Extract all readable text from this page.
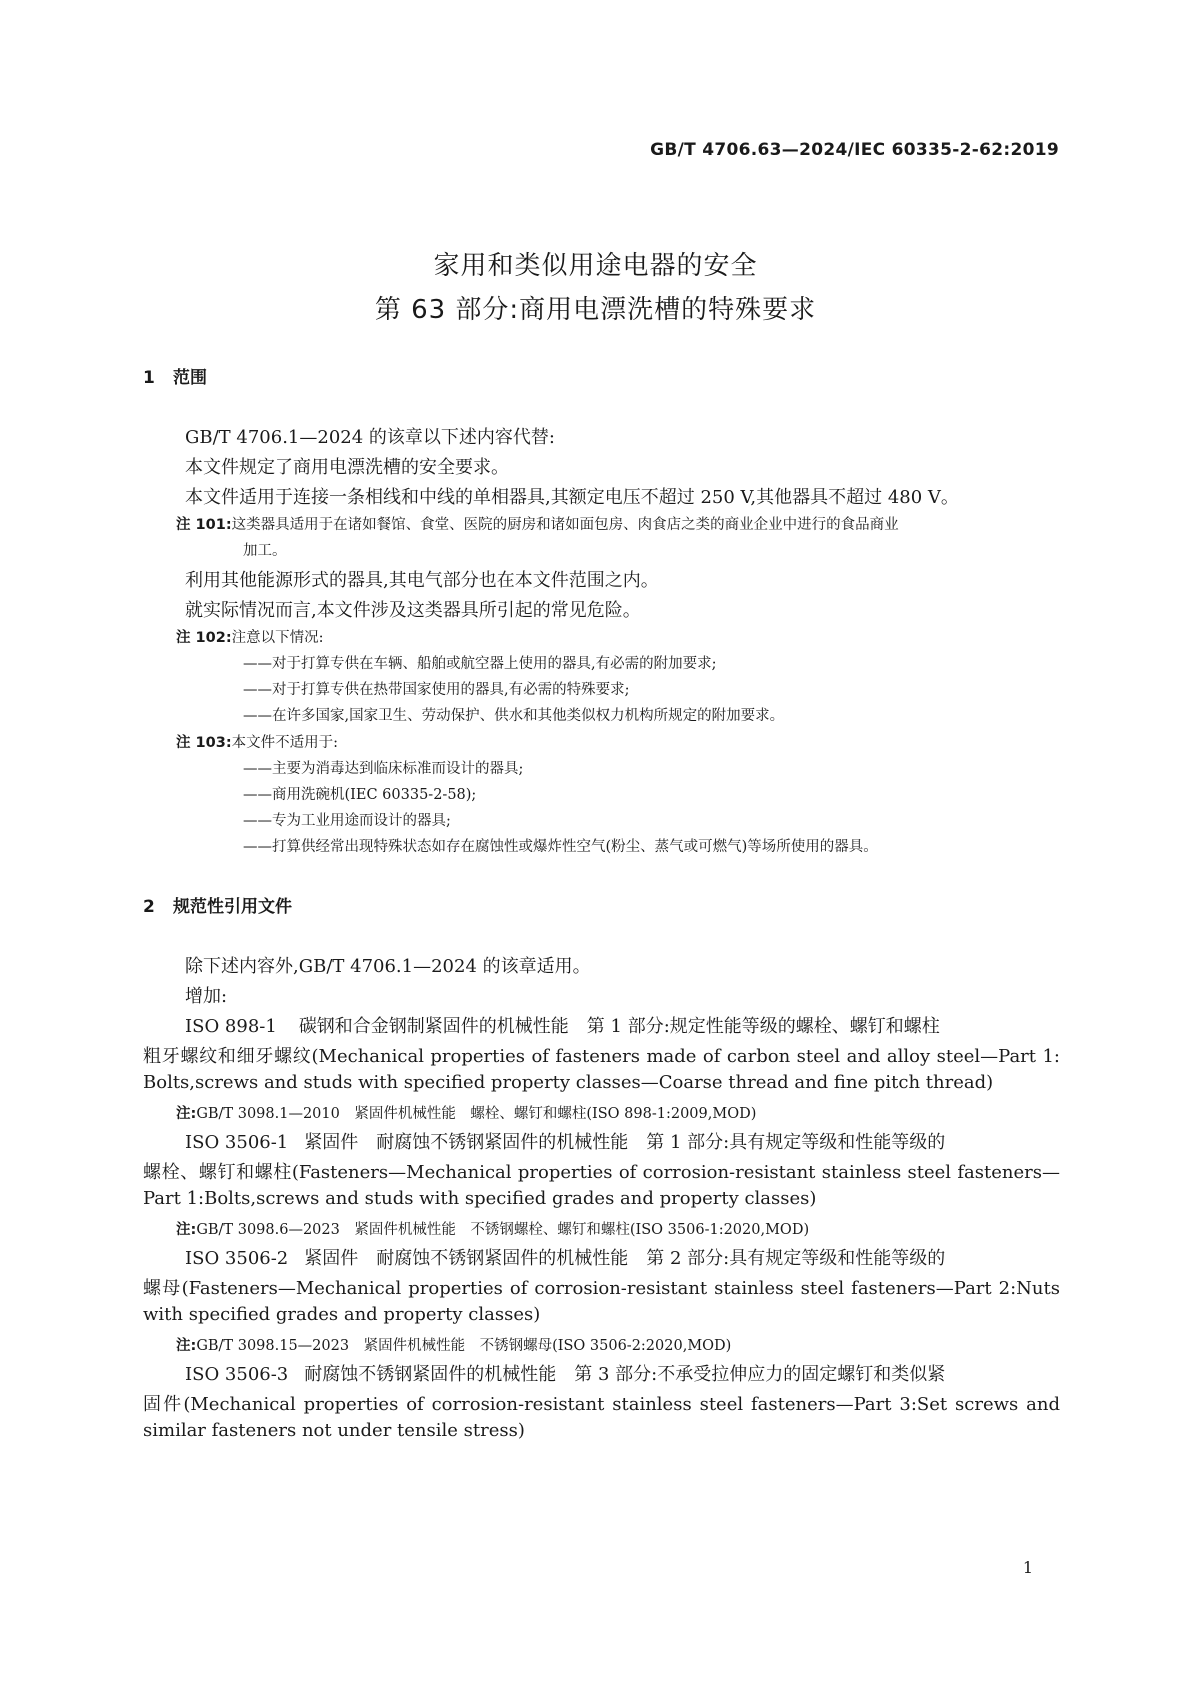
GB/T 4706.63—2024/IEC 60335-2-62:2019
家用和类似用途电器的安全
第 63 部分:商用电漂洗槽的特殊要求
1 范围
GB/T 4706.1—2024 的该章以下述内容代替:
本文件规定了商用电漂洗槽的安全要求。
本文件适用于连接一条相线和中线的单相器具,其额定电压不超过 250 V,其他器具不超过 480 V。
注 101:这类器具适用于在诸如餐馆、食堂、医院的厨房和诸如面包房、肉食店之类的商业企业中进行的食品商业
加工。
利用其他能源形式的器具,其电气部分也在本文件范围之内。
就实际情况而言,本文件涉及这类器具所引起的常见危险。
注 102:注意以下情况:
——对于打算专供在车辆、船舶或航空器上使用的器具,有必需的附加要求;
——对于打算专供在热带国家使用的器具,有必需的特殊要求;
——在许多国家,国家卫生、劳动保护、供水和其他类似权力机构所规定的附加要求。
注 103:本文件不适用于:
——主要为消毒达到临床标准而设计的器具;
——商用洗碗机(IEC 60335-2-58);
——专为工业用途而设计的器具;
——打算供经常出现特殊状态如存在腐蚀性或爆炸性空气(粉尘、蒸气或可燃气)等场所使用的器具。
2 规范性引用文件
除下述内容外,GB/T 4706.1—2024 的该章适用。
增加:
ISO 898-1 碳钢和合金钢制紧固件的机械性能　第 1 部分:规定性能等级的螺栓、螺钉和螺柱
粗牙螺纹和细牙螺纹(Mechanical properties of fasteners made of carbon steel and alloy steel—Part 1:
Bolts,screws and studs with specified property classes—Coarse thread and fine pitch thread)
注:GB/T 3098.1—2010　紧固件机械性能　螺栓、螺钉和螺柱(ISO 898-1:2009,MOD)
ISO 3506-1 紧固件　耐腐蚀不锈钢紧固件的机械性能　第 1 部分:具有规定等级和性能等级的
螺栓、螺钉和螺柱(Fasteners—Mechanical properties of corrosion-resistant stainless steel fasteners—
Part 1:Bolts,screws and studs with specified grades and property classes)
注:GB/T 3098.6—2023　紧固件机械性能　不锈钢螺栓、螺钉和螺柱(ISO 3506-1:2020,MOD)
ISO 3506-2 紧固件　耐腐蚀不锈钢紧固件的机械性能　第 2 部分:具有规定等级和性能等级的
螺母(Fasteners—Mechanical properties of corrosion-resistant stainless steel fasteners—Part 2:Nuts
with specified grades and property classes)
注:GB/T 3098.15—2023　紧固件机械性能　不锈钢螺母(ISO 3506-2:2020,MOD)
ISO 3506-3 耐腐蚀不锈钢紧固件的机械性能　第 3 部分:不承受拉伸应力的固定螺钉和类似紧
固件(Mechanical properties of corrosion-resistant stainless steel fasteners—Part 3:Set screws and
similar fasteners not under tensile stress)
1
